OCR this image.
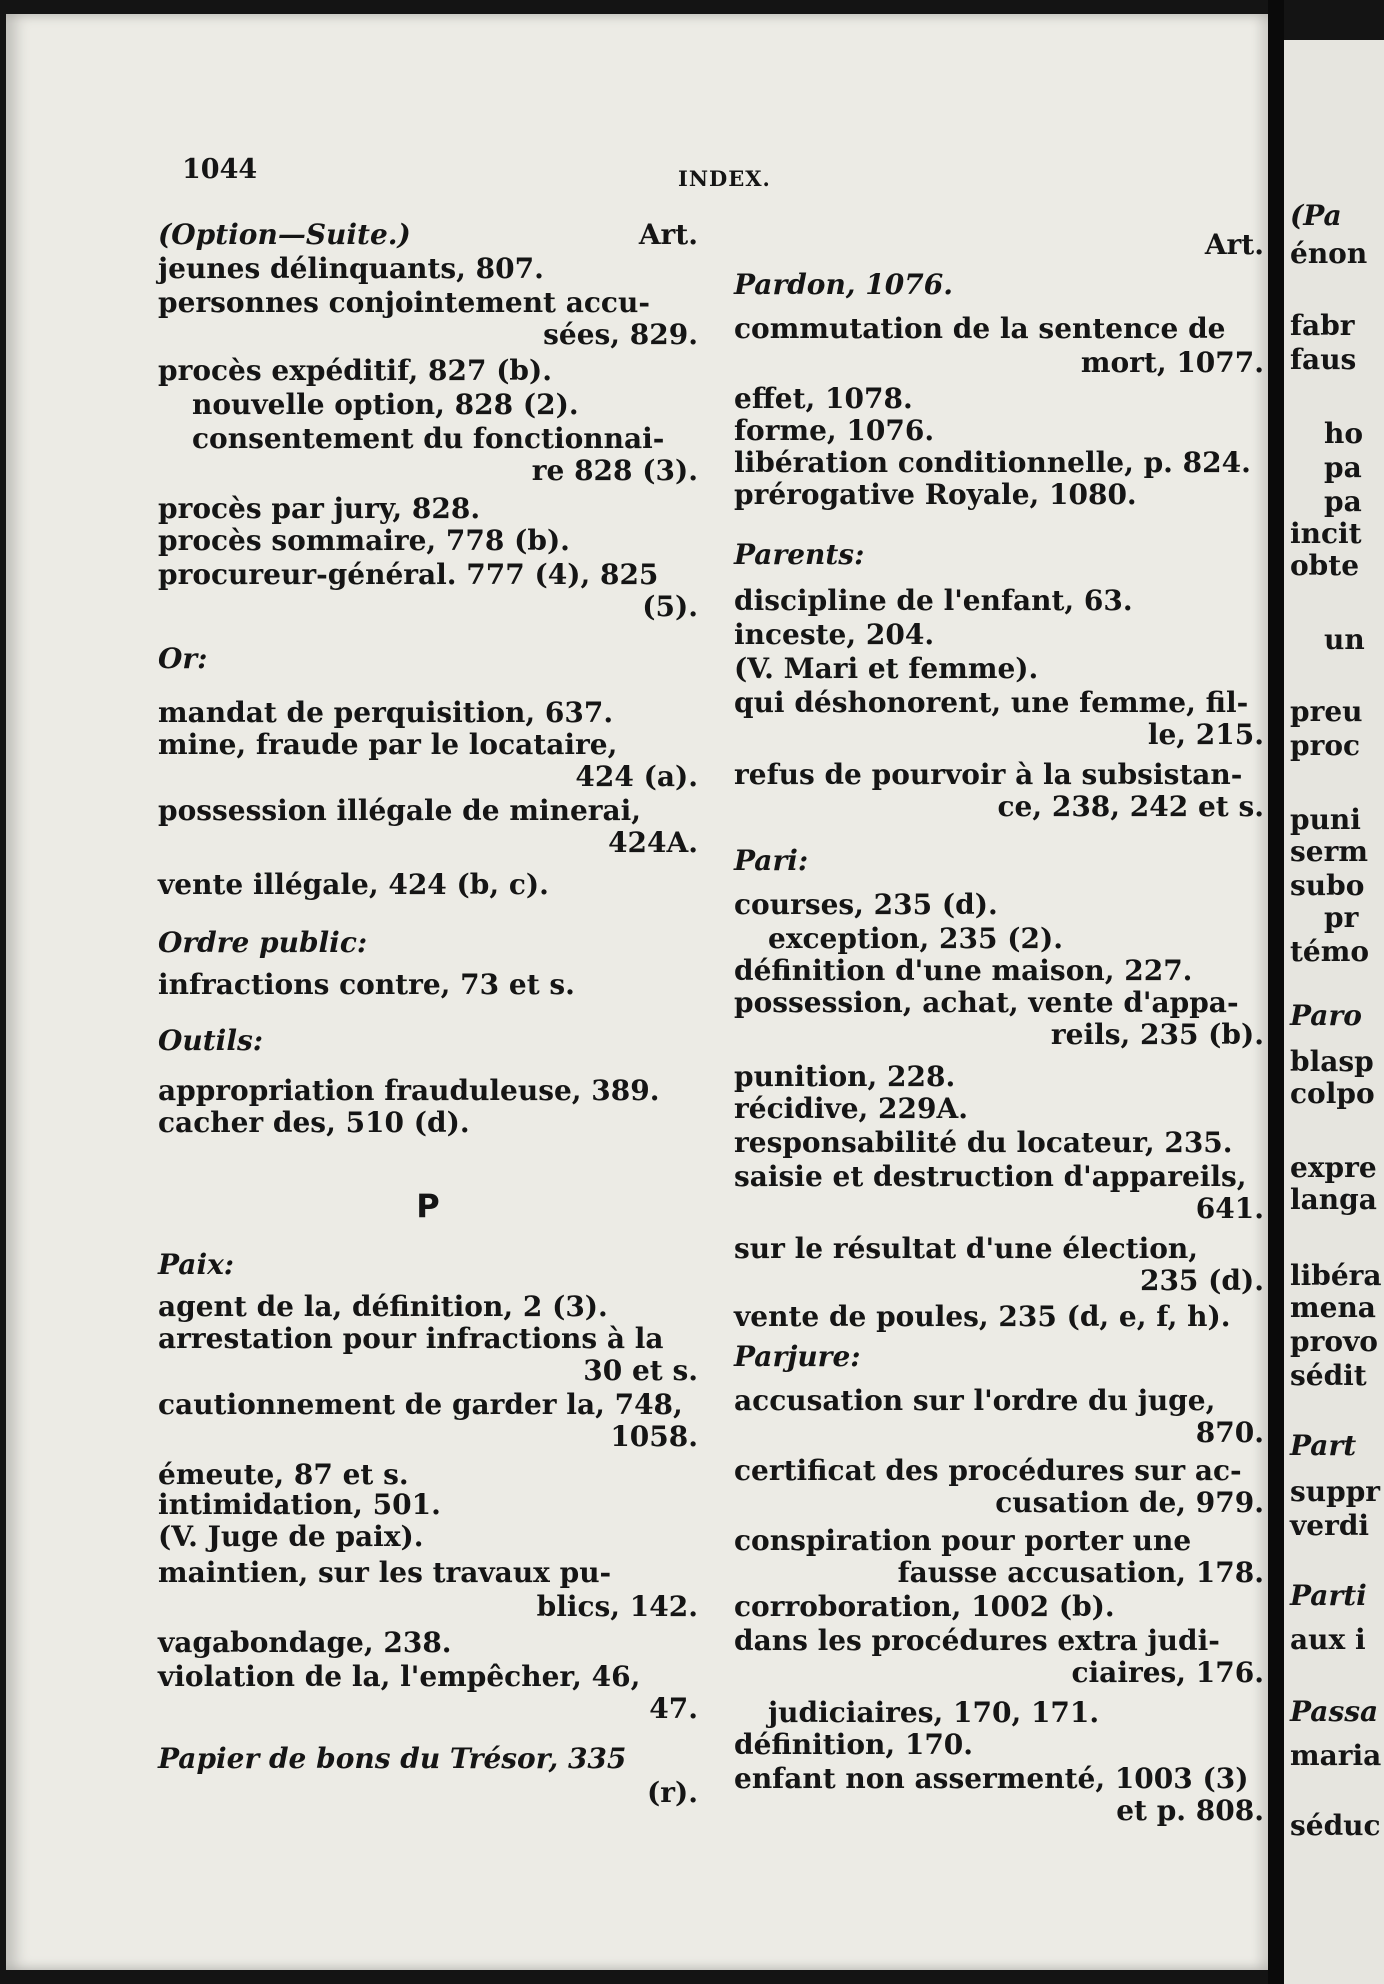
1044	INDEX.
(Option—Suite.)	Art.
jeunes délinquants, 807.
personnes conjointement accu-
sées, 829.
procès expéditif, 827 (b).
nouvelle option, 828 (2).
consentement du fonctionnai-
re 828 (3).
procès par jury, 828.
procès sommaire, 778 (b).
procureur-général. 777 (4), 825
(5).
Or:
mandat de perquisition, 637.
mine, fraude par le locataire,
424 (a).
possession illégale de minerai,
424A.
vente illégale, 424 (b, c).
Ordre public:
infractions contre, 73 et s.
Outils:
appropriation frauduleuse, 389.
cacher des, 510 (d).
P
Paix:
agent de la, définition, 2 (3).
arrestation pour infractions à la
30 et s.
cautionnement de garder la, 748,
1058.
émeute, 87 et s.
intimidation, 501.
(V. Juge de paix).
maintien, sur les travaux pu-
blics, 142.
vagabondage, 238.
violation de la, l'empêcher, 46,
47.
Papier de bons du Trésor, 335
(r).
Art.
Pardon, 1076.
commutation de la sentence de
mort, 1077.
effet, 1078.
forme, 1076.
libération conditionnelle, p. 824.
prérogative Royale, 1080.
Parents:
discipline de l'enfant, 63.
inceste, 204.
(V. Mari et femme).
qui déshonorent, une femme, fil-
le, 215.
refus de pourvoir à la subsistan-
ce, 238, 242 et s.
Pari:
courses, 235 (d).
exception, 235 (2).
définition d'une maison, 227.
possession, achat, vente d'appa-
reils, 235 (b).
punition, 228.
récidive, 229A.
responsabilité du locateur, 235.
saisie et destruction d'appareils,
641.
sur le résultat d'une élection,
235 (d).
vente de poules, 235 (d, e, f, h).
Parjure:
accusation sur l'ordre du juge,
870.
certificat des procédures sur ac-
cusation de, 979.
conspiration pour porter une
fausse accusation, 178.
corroboration, 1002 (b).
dans les procédures extra judi-
ciaires, 176.
judiciaires, 170, 171.
définition, 170.
enfant non assermenté, 1003 (3)
et p. 808.
(Pa
énon
fabr
faus
ho
pa
pa
incit
obte
un
preu
proc
puni
serm
subo
pr
témo
Paro
blasp
colpo
expre
langa
libéra
mena
provo
sédit
Part
suppr
verdi
Parti
aux i
Passa
maria
séduc
